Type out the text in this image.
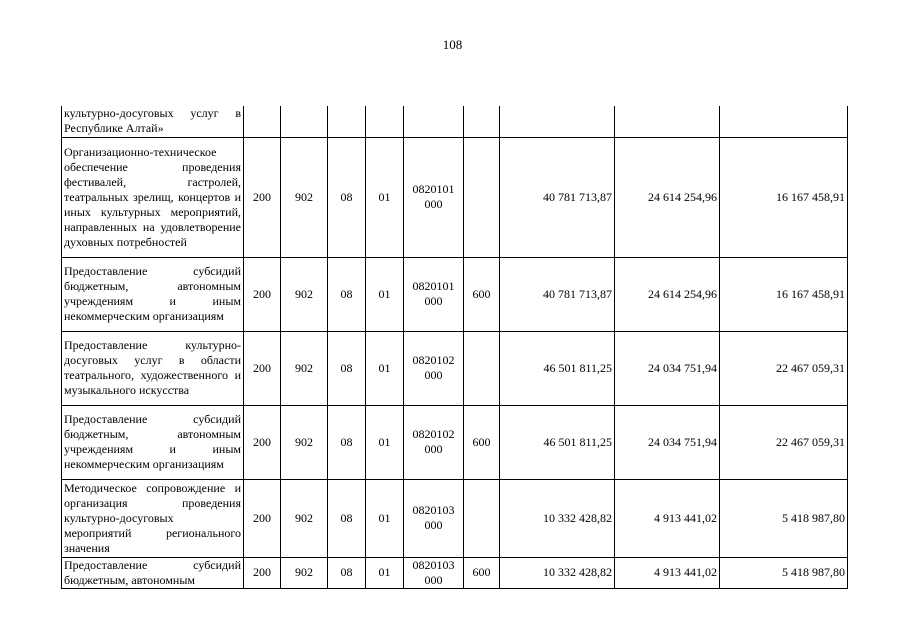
108
культурно-досуговых услуг в Республике Алтай»									
Организационно-техническое обеспечение проведения фестивалей, гастролей, театральных зрелищ, концертов и иных культурных мероприятий, направленных на удовлетворение духовных потребностей	200	902	08	01	0820101 000		40 781 713,87	24 614 254,96	16 167 458,91
Предоставление субсидий бюджетным, автономным учреждениям и иным некоммерческим организациям	200	902	08	01	0820101 000	600	40 781 713,87	24 614 254,96	16 167 458,91
Предоставление культурно-досуговых услуг в области театрального, художественного и музыкального искусства	200	902	08	01	0820102 000		46 501 811,25	24 034 751,94	22 467 059,31
Предоставление субсидий бюджетным, автономным учреждениям и иным некоммерческим организациям	200	902	08	01	0820102 000	600	46 501 811,25	24 034 751,94	22 467 059,31
Методическое сопровождение и организация проведения культурно-досуговых мероприятий регионального значения	200	902	08	01	0820103 000		10 332 428,82	4 913 441,02	5 418 987,80
Предоставление субсидий бюджетным, автономным	200	902	08	01	0820103 000	600	10 332 428,82	4 913 441,02	5 418 987,80
